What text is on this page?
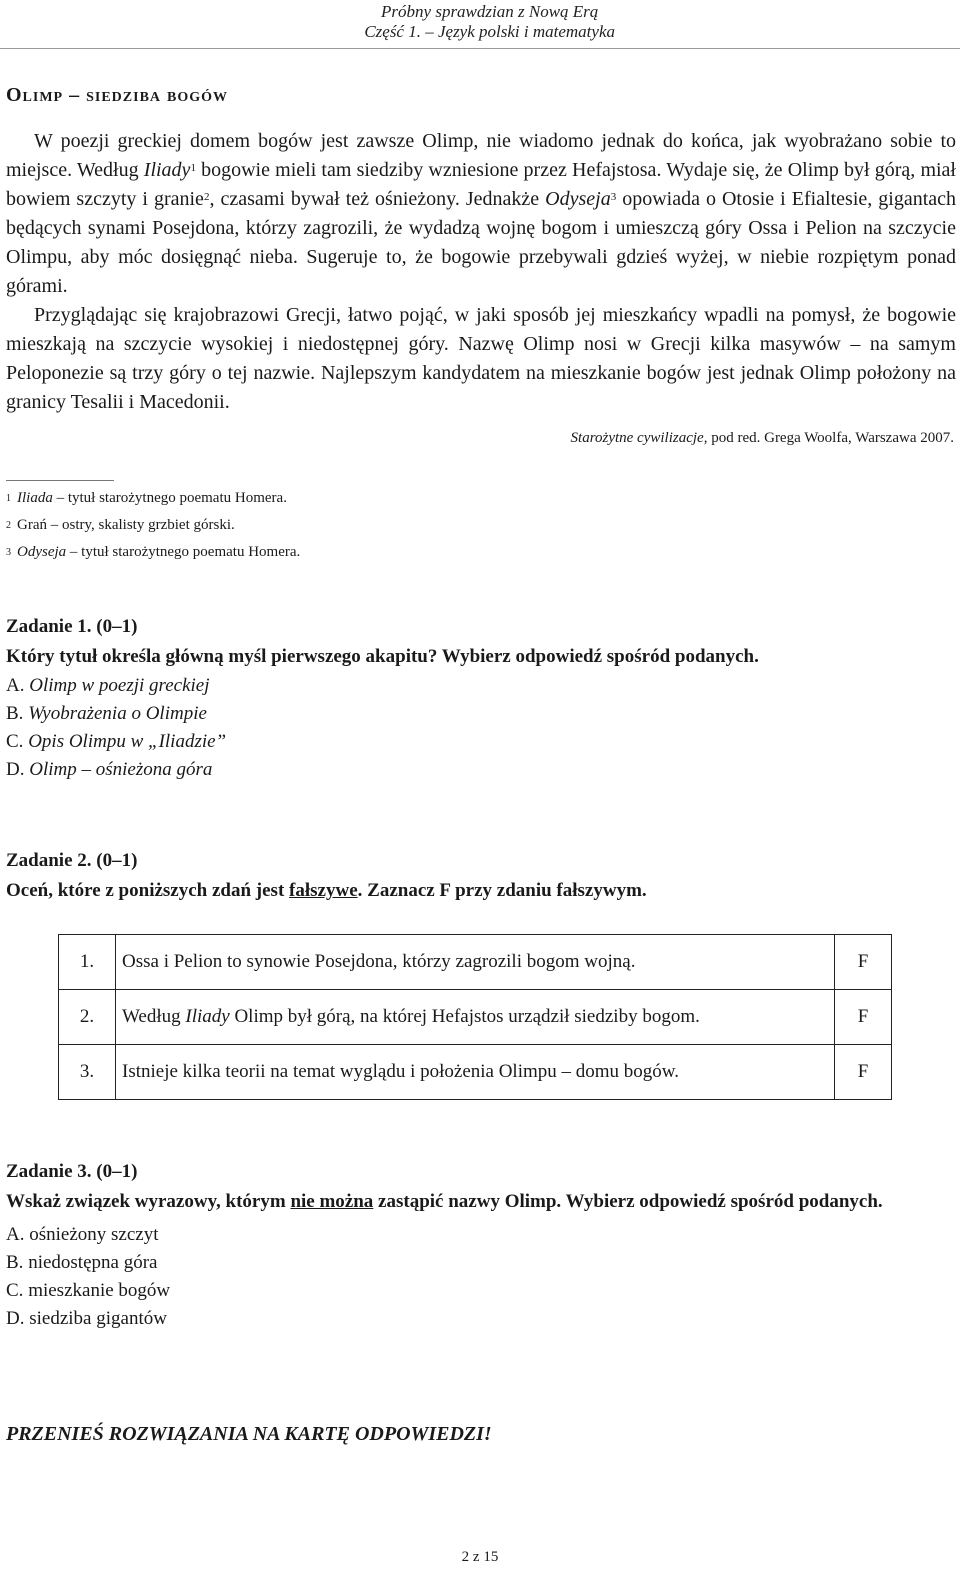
Próbny sprawdzian z Nową Erą
Część 1. – Język polski i matematyka
Olimp – siedziba bogów

W poezji greckiej domem bogów jest zawsze Olimp, nie wiadomo jednak do końca, jak wyobrażano sobie to miejsce. Według Iliady$^1$ bogowie mieli tam siedziby wzniesione przez Hefajstosa. Wydaje się, że Olimp był górą, miał bowiem szczyty i granie$^2$, czasami bywał też ośnieżony. Jednakże Odyseja$^3$ opowiada o Otosie i Efialtesie, gigantach będących synami Posejdona, którzy zagrozili, że wydadzą wojnę bogom i umieszczą góry Ossa i Pelion na szczycie Olimpu, aby móc dosięgnąć nieba. Sugeruje to, że bogowie przebywali gdzieś wyżej, w niebie rozpiętym ponad górami.

Przyglądając się krajobrazowi Grecji, łatwo pojąć, w jaki sposób jej mieszkańcy wpadli na pomysł, że bogowie mieszkają na szczycie wysokiej i niedostępnej góry. Nazwę Olimp nosi w Grecji kilka masywów – na samym Peloponezie są trzy góry o tej nazwie. Najlepszym kandydatem na mieszkanie bogów jest jednak Olimp położony na granicy Tesalii i Macedonii.

Starożytne cywilizacje, pod red. Grega Woolfa, Warszawa 2007.
$^1$ Iliada – tytuł starożytnego poematu Homera.
$^2$ Grań – ostry, skalisty grzbiet górski.
$^3$ Odyseja – tytuł starożytnego poematu Homera.
Zadanie 1. (0–1)
Który tytuł określa główną myśl pierwszego akapitu? Wybierz odpowiedź spośród podanych.
A. Olimp w poezji greckiej
B. Wyobrażenia o Olimpie
C. Opis Olimpu w „Iliadzie”
D. Olimp – ośnieżona góra
Zadanie 2. (0–1)
Oceń, które z poniższych zdań jest fałszywe. Zaznacz F przy zdaniu fałszywym.
1.	Ossa i Pelion to synowie Posejdona, którzy zagrozili bogom wojną.	F
2.	Według Iliady Olimp był górą, na której Hefajstos urządził siedziby bogom.	F
3.	Istnieje kilka teorii na temat wyglądu i położenia Olimpu – domu bogów.	F
Zadanie 3. (0–1)
Wskaż związek wyrazowy, którym nie można zastąpić nazwy Olimp. Wybierz odpowiedź spośród podanych.
A. ośnieżony szczyt
B. niedostępna góra
C. mieszkanie bogów
D. siedziba gigantów
PRZENIEŚ ROZWIĄZANIA NA KARTĘ ODPOWIEDZI!
2 z 15
